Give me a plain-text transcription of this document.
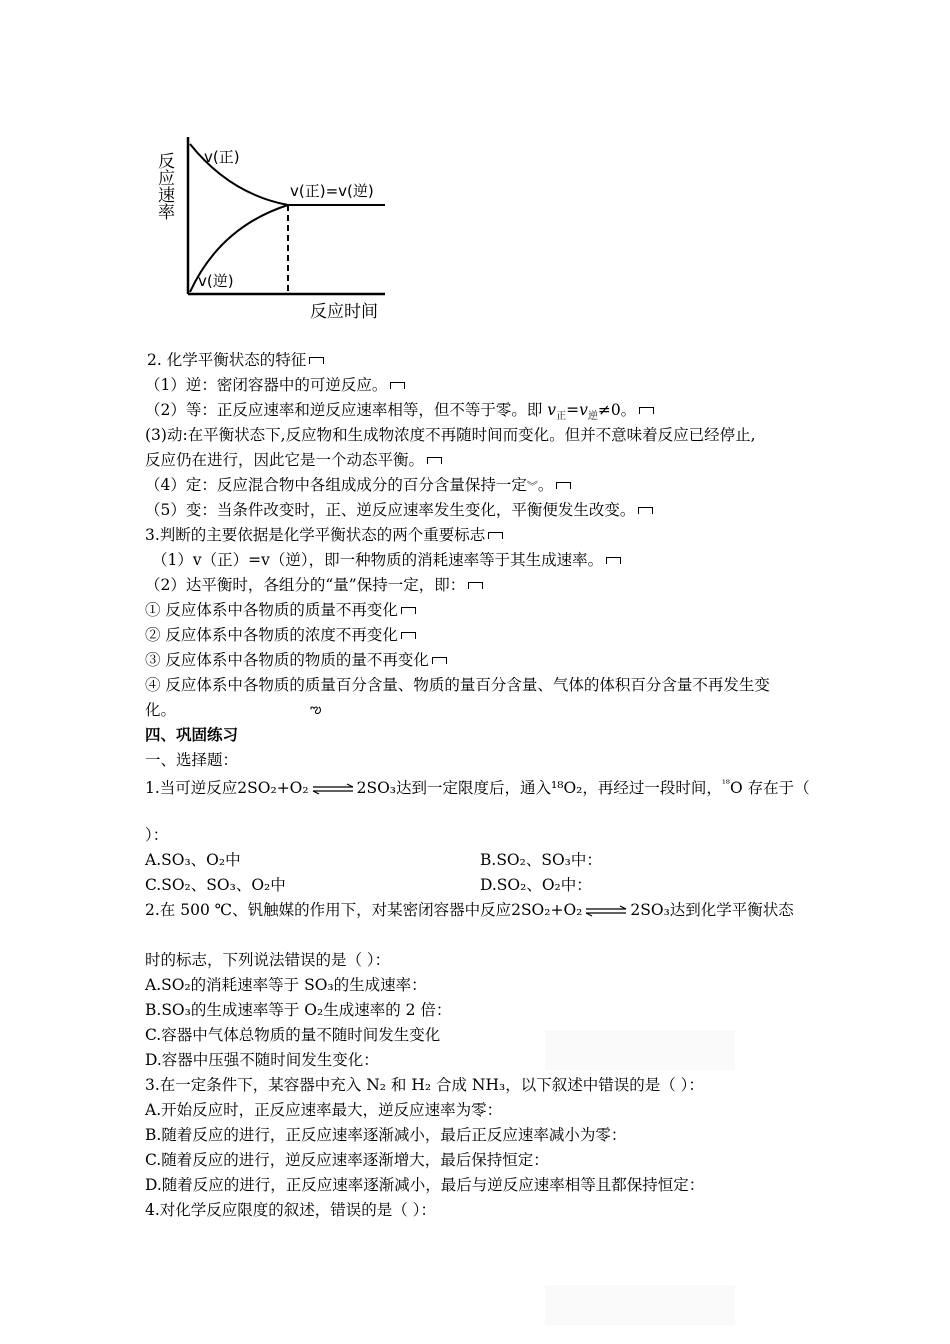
反应速率 v(正)
v(逆)
v(正)=v(逆)
反应时间
2. 化学平衡状态的特征
（1）逆：密闭容器中的可逆反应。
（2）等：正反应速率和逆反应速率相等，但不等于零。即 $v_正=v_逆\ne 0$。
(3)动:在平衡状态下,反应物和生成物浓度不再随时间而变化。但并不意味着反应已经停止,
反应仍在进行，因此它是一个动态平衡。
（4）定：反应混合物中各组成成分的百分含量保持一定︾。
（5）变：当条件改变时，正、逆反应速率发生变化，平衡便发生改变。
3.判断的主要依据是化学平衡状态的两个重要标志
（1）v（正）=v（逆），即一种物质的消耗速率等于其生成速率。
（2）达平衡时，各组分的“量”保持一定，即：
① 反应体系中各物质的质量不再变化
② 反应体系中各物质的浓度不再变化
③ 反应体系中各物质的物质的量不再变化
④ 反应体系中各物质的质量百分含量、物质的量百分含量、气体的体积百分含量不再发生变
化。	ఌ
四、巩固练习
一、选择题：
1.当可逆反应2SO₂+O₂ ⇌ 2SO₃达到一定限度后，通入¹⁸O₂，再经过一段时间，$^{^{18}}$O 存在于（
）：
A.SO₃、O₂中	B.SO₂、SO₃中：
C.SO₂、SO₃、O₂中	D.SO₂、O₂中：
2.在 500 ℃、钒触媒的作用下，对某密闭容器中反应2SO₂+O₂ ⇌ 2SO₃达到化学平衡状态
时的标志，下列说法错误的是（ ）：
A.SO₂的消耗速率等于 SO₃的生成速率：
B.SO₃的生成速率等于 O₂生成速率的 2 倍：
C.容器中气体总物质的量不随时间发生变化
D.容器中压强不随时间发生变化：
3.在一定条件下，某容器中充入 N₂ 和 H₂ 合成 NH₃，以下叙述中错误的是（ ）：
A.开始反应时，正反应速率最大，逆反应速率为零：
B.随着反应的进行，正反应速率逐渐减小，最后正反应速率减小为零：
C.随着反应的进行，逆反应速率逐渐增大，最后保持恒定：
D.随着反应的进行，正反应速率逐渐减小，最后与逆反应速率相等且都保持恒定：
4.对化学反应限度的叙述，错误的是（ ）：
